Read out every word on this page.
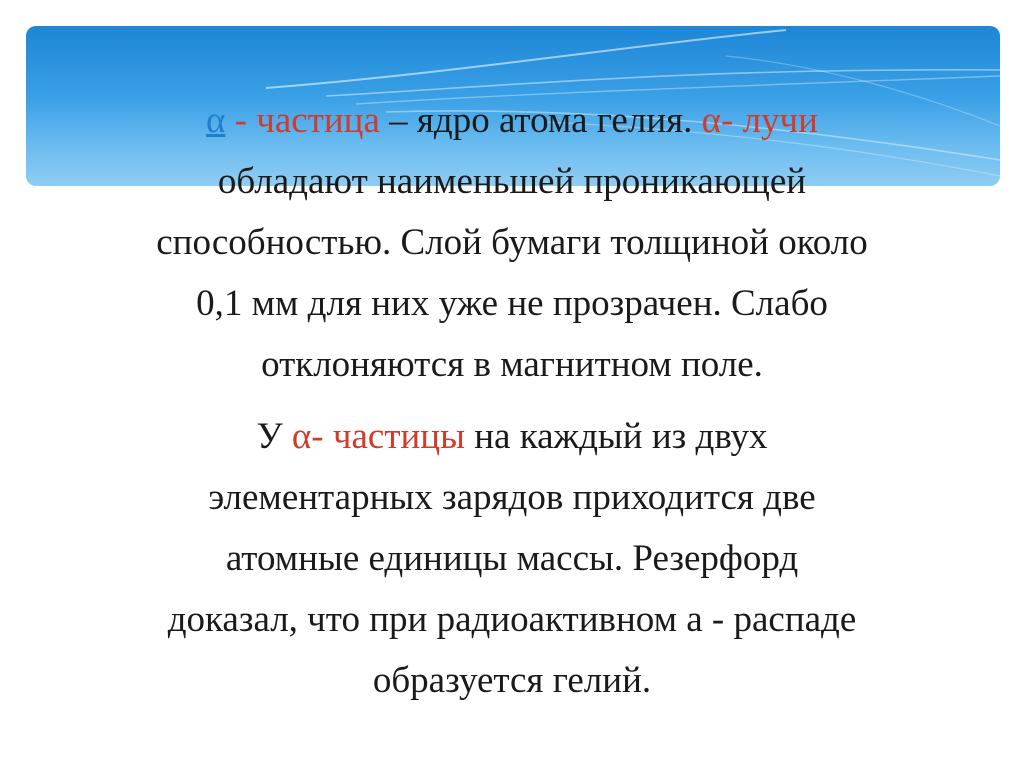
α - частица – ядро атома гелия. α- лучи
обладают наименьшей проникающей
способностью. Слой бумаги толщиной около
0,1 мм для них уже не прозрачен. Слабо
отклоняются в магнитном поле.

У α- частицы на каждый из двух
элементарных зарядов приходится две
атомные единицы массы. Резерфорд
доказал, что при радиоактивном а - распаде
образуется гелий.
